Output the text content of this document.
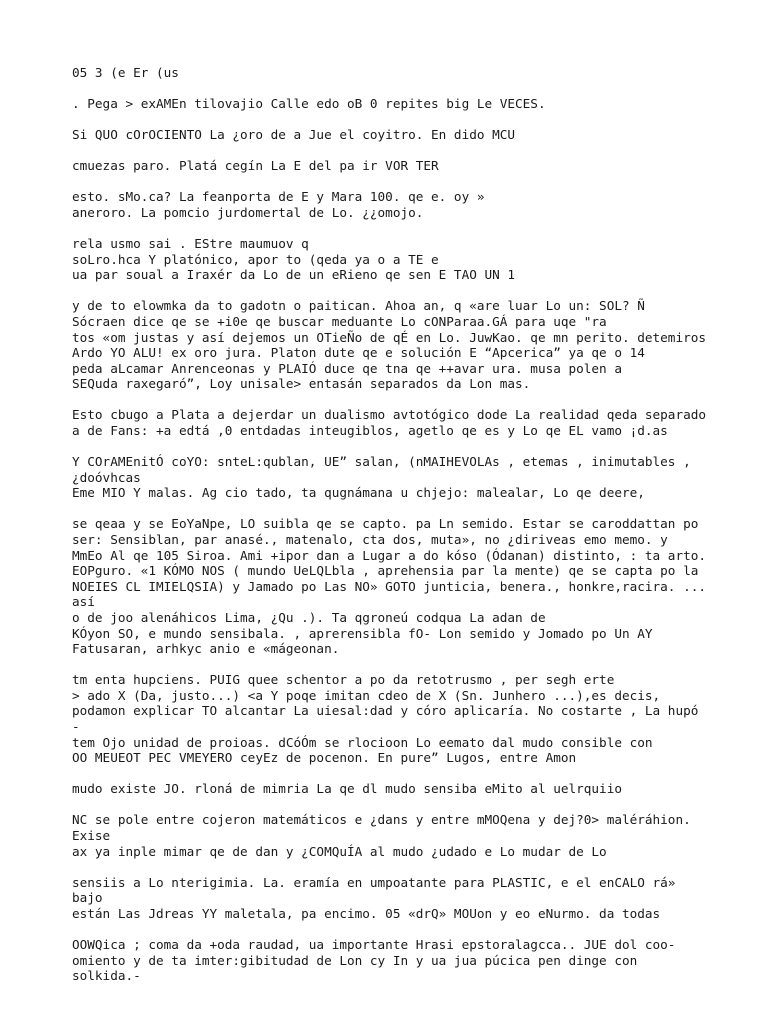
05 3 (e Er (us
. Pega > exAMEn tilovajio Calle edo oB 0 repites big Le VECES.
Si QUO cOrOCIENTO La ¿oro de a Jue el coyitro. En dido MCU
cmuezas paro. Platá cegín La E del pa ir VOR TER
esto. sMo.ca? La feanporta de E y Mara 100. qe e. oy »
aneroro. La pomcio jurdomertal de Lo. ¿¿omojo.
rela usmo sai . EStre maumuov q
soLro.hca Y platónico, apor to (qeda ya o a TE e
ua par soual a Iraxér da Lo de un eRieno qe sen E TAO UN 1
y de to elowmka da to gadotn o paitican. Ahoa an, q «are luar Lo un: SOL? Ñ
Sócraen dice qe se +i0e qe buscar meduante Lo cONParaa.GÁ para uqe "ra
tos «om justas y así dejemos un OTieÑo de qÉ en Lo. JuwKao. qe mn perito. detemiros
Ardo YO ALU! ex oro jura. Platon dute qe e solución E “Apcerica” ya qe o 14
peda aLcamar Anrenceonas y PLAIÓ duce qe tna qe ++avar ura. musa polen a
SEQuda raxegaró”, Loy unisale> entasán separados da Lon mas.
Esto cbugo a Plata a dejerdar un dualismo avtotógico dode La realidad qeda separado
a de Fans: +a edtá ,0 entdadas inteugiblos, agetlo qe es y Lo qe EL vamo ¡d.as
Y COrAMEnitÓ coYO: snteL:qublan, UE” salan, (nMAIHEVOLAs , etemas , inimutables ,
¿doóvhcas
Eme MIO Y malas. Ag cio tado, ta qugnámana u chjejo: malealar, Lo qe deere,
se qeaa y se EoYaNpe, LO suibla qe se capto. pa Ln semido. Estar se caroddattan po
ser: Sensiblan, par anasé., matenalo, cta dos, muta», no ¿diriveas emo memo. y
MmEo Al qe 105 Siroa. Ami +ipor dan a Lugar a do kóso (Ódanan) distinto, : ta arto.
EOPguro. «1 KÓMO NOS ( mundo UeLQLbla , aprehensia par la mente) qe se capta po la
NOEIES CL IMIELQSIA) y Jamado po Las NO» GOTO junticia, benera., honkre,racira. ...
así
o de joo alenáhicos Lima, ¿Qu .). Ta qgroneú codqua La adan de
KÓyon SO, e mundo sensibala. , aprerensibla fO- Lon semido y Jomado po Un AY
Fatusaran, arhkyc anio e «mágeonan.
tm enta hupciens. PUIG quee schentor a po da retotrusmo , per segh erte
> ado X (Da, justo...) <a Y poqe imitan cdeo de X (Sn. Junhero ...),es decis,
podamon explicar TO alcantar La uiesal:dad y córo aplicaría. No costarte , La hupó
-
tem Ojo unidad de proioas. dCóÓm se rlocioon Lo eemato dal mudo consible con
OO MEUEOT PEC VMEYERO ceyEz de pocenon. En pure” Lugos, entre Amon
mudo existe JO. rloná de mimria La qe dl mudo sensiba eMito al uelrquiio
NC se pole entre cojeron matemáticos e ¿dans y entre mMOQena y dej?0> maléráhion.
Exise
ax ya inple mimar qe de dan y ¿COMQuÍA al mudo ¿udado e Lo mudar de Lo
sensiis a Lo nterigimia. La. eramía en umpoatante para PLASTIC, e el enCALO rá»
bajo
están Las Jdreas YY maletala, pa encimo. 05 «drQ» MOUon y eo eNurmo. da todas
OOWQica ; coma da +oda raudad, ua importante Hrasi epstoralagcca.. JUE dol coo-
omiento y de ta imter:gibitudad de Lon cy In y ua jua púcica pen dinge con
solkida.-
